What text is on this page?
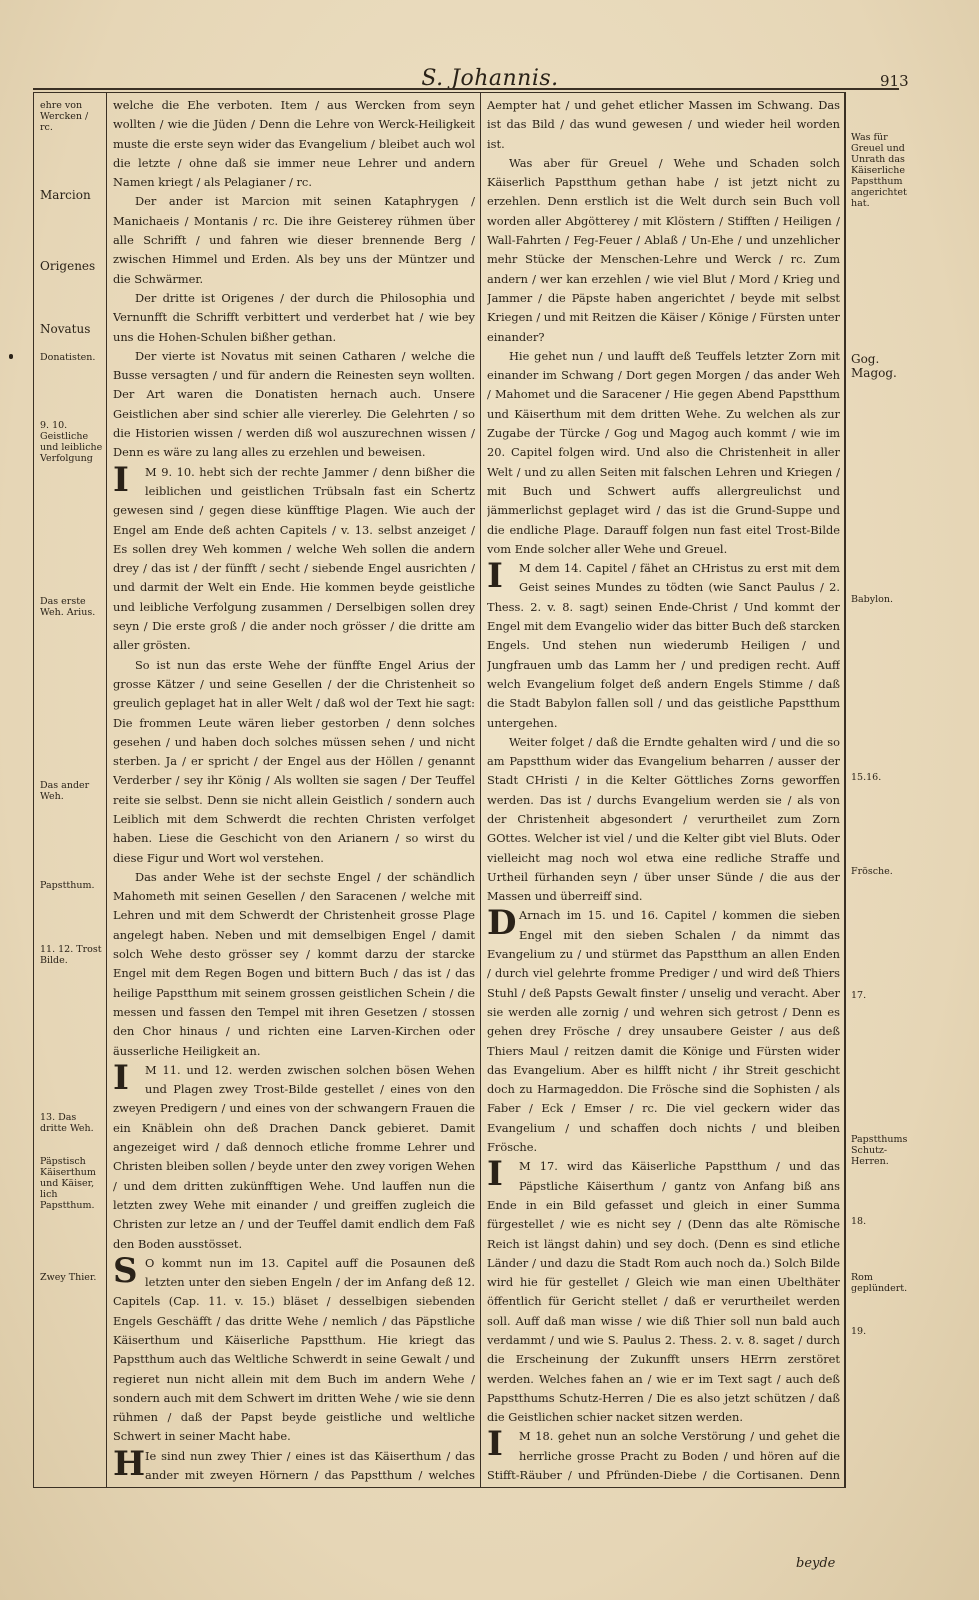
S. Johannis.	913
ehre von Wercken / rc.
Marcion
Origenes
Novatus
Donatisten.
9. 10. Geistliche und leibliche Verfolgung
Das erste Weh. Arius.
Das ander Weh.
Papstthum.
11. 12. Trost Bilde.
13. Das dritte Weh.
Päpstisch Käiserthum und Käiser, lich Papstthum.
Zwey Thier.
Was für Greuel und Unrath das Käiserliche Papstthum angerichtet hat.
Gog. Magog.
Babylon.
15.16.
Frösche.
17.
Papstthums Schutz-Herren.
18.
Rom geplündert.
19.

welche die Ehe verboten. Item / aus Wercken from seyn wollten / wie die Jüden / Denn die Lehre von Werck-Heiligkeit muste die erste seyn wider das Evangelium / bleibet auch wol die letzte / ohne daß sie immer neue Lehrer und andern Namen kriegt / als Pelagianer / rc.

Der ander ist Marcion mit seinen Kataphrygen / Manichaeis / Montanis / rc. Die ihre Geisterey rühmen über alle Schrifft / und fahren wie dieser brennende Berg / zwischen Himmel und Erden. Als bey uns der Müntzer und die Schwärmer.

Der dritte ist Origenes / der durch die Philosophia und Vernunfft die Schrifft verbittert und verderbet hat / wie bey uns die Hohen-Schulen bißher gethan.

Der vierte ist Novatus mit seinen Catharen / welche die Busse versagten / und für andern die Reinesten seyn wollten. Der Art waren die Donatisten hernach auch. Unsere Geistlichen aber sind schier alle viererley. Die Gelehrten / so die Historien wissen / werden diß wol auszurechnen wissen / Denn es wäre zu lang alles zu erzehlen und beweisen.

I	M 9. 10. hebt sich der rechte Jammer / denn bißher die leiblichen und geistlichen Trübsaln fast ein Schertz gewesen sind / gegen diese künfftige Plagen. Wie auch der Engel am Ende deß achten Capitels / v. 13. selbst anzeiget / Es sollen drey Weh kommen / welche Weh sollen die andern drey / das ist / der fünfft / secht / siebende Engel ausrichten / und darmit der Welt ein Ende. Hie kommen beyde geistliche und leibliche Verfolgung zusammen / Derselbigen sollen drey seyn / Die erste groß / die ander noch grösser / die dritte am aller grösten.

So ist nun das erste Wehe der fünffte Engel Arius der grosse Kätzer / und seine Gesellen / der die Christenheit so greulich geplaget hat in aller Welt / daß wol der Text hie sagt: Die frommen Leute wären lieber gestorben / denn solches gesehen / und haben doch solches müssen sehen / und nicht sterben. Ja / er spricht / der Engel aus der Höllen / genannt Verderber / sey ihr König / Als wollten sie sagen / Der Teuffel reite sie selbst. Denn sie nicht allein Geistlich / sondern auch Leiblich mit dem Schwerdt die rechten Christen verfolget haben. Liese die Geschicht von den Arianern / so wirst du diese Figur und Wort wol verstehen.

Das ander Wehe ist der sechste Engel / der schändlich Mahometh mit seinen Gesellen / den Saracenen / welche mit Lehren und mit dem Schwerdt der Christenheit grosse Plage angelegt haben. Neben und mit demselbigen Engel / damit solch Wehe desto grösser sey / kommt darzu der starcke Engel mit dem Regen Bogen und bittern Buch / das ist / das heilige Papstthum mit seinem grossen geistlichen Schein / die messen und fassen den Tempel mit ihren Gesetzen / stossen den Chor hinaus / und richten eine Larven-Kirchen oder äusserliche Heiligkeit an.

I	M 11. und 12. werden zwischen solchen bösen Wehen und Plagen zwey Trost-Bilde gestellet / eines von den zweyen Predigern / und eines von der schwangern Frauen die ein Knäblein ohn deß Drachen Danck gebieret. Damit angezeiget wird / daß dennoch etliche fromme Lehrer und Christen bleiben sollen / beyde unter den zwey vorigen Wehen / und dem dritten zukünfftigen Wehe. Und lauffen nun die letzten zwey Wehe mit einander / und greiffen zugleich die Christen zur letze an / und der Teuffel damit endlich dem Faß den Boden ausstösset.

S O kommt nun im 13. Capitel auff die Posaunen deß letzten unter den sieben Engeln / der im Anfang deß 12. Capitels (Cap. 11. v. 15.) bläset / desselbigen siebenden Engels Geschäfft / das dritte Wehe / nemlich / das Päpstliche Käiserthum und Käiserliche Papstthum. Hie kriegt das Papstthum auch das Weltliche Schwerdt in seine Gewalt / und regieret nun nicht allein mit dem Buch im andern Wehe / sondern auch mit dem Schwert im dritten Wehe / wie sie denn rühmen / daß der Papst beyde geistliche und weltliche Schwert in seiner Macht habe.

H Ie sind nun zwey Thier / eines ist das Käiserthum / das ander mit zweyen Hörnern / das Papstthum / welches

Aempter hat / und gehet etlicher Massen im Schwang. Das ist das Bild / das wund gewesen / und wieder heil worden ist.

Was aber für Greuel / Wehe und Schaden solch Käiserlich Papstthum gethan habe / ist jetzt nicht zu erzehlen. Denn erstlich ist die Welt durch sein Buch voll worden aller Abgötterey / mit Klöstern / Stifften / Heiligen / Wall-Fahrten / Feg-Feuer / Ablaß / Un-Ehe / und unzehlicher mehr Stücke der Menschen-Lehre und Werck / rc. Zum andern / wer kan erzehlen / wie viel Blut / Mord / Krieg und Jammer / die Päpste haben angerichtet / beyde mit selbst Kriegen / und mit Reitzen die Käiser / Könige / Fürsten unter einander?

Hie gehet nun / und laufft deß Teuffels letzter Zorn mit einander im Schwang / Dort gegen Morgen / das ander Weh / Mahomet und die Saracener / Hie gegen Abend Papstthum und Käiserthum mit dem dritten Wehe. Zu welchen als zur Zugabe der Türcke / Gog und Magog auch kommt / wie im 20. Capitel folgen wird. Und also die Christenheit in aller Welt / und zu allen Seiten mit falschen Lehren und Kriegen / mit Buch und Schwert auffs allergreulichst und jämmerlichst geplaget wird / das ist die Grund-Suppe und die endliche Plage. Darauff folgen nun fast eitel Trost-Bilde vom Ende solcher aller Wehe und Greuel.

I	M dem 14. Capitel / fähet an CHristus zu erst mit dem Geist seines Mundes zu tödten (wie Sanct Paulus / 2. Thess. 2. v. 8. sagt) seinen Ende-Christ / Und kommt der Engel mit dem Evangelio wider das bitter Buch deß starcken Engels. Und stehen nun wiederumb Heiligen / und Jungfrauen umb das Lamm her / und predigen recht. Auff welch Evangelium folget deß andern Engels Stimme / daß die Stadt Babylon fallen soll / und das geistliche Papstthum untergehen.

Weiter folget / daß die Erndte gehalten wird / und die so am Papstthum wider das Evangelium beharren / ausser der Stadt CHristi / in die Kelter Göttliches Zorns geworffen werden. Das ist / durchs Evangelium werden sie / als von der Christenheit abgesondert / verurtheilet zum Zorn GOttes. Welcher ist viel / und die Kelter gibt viel Bluts. Oder vielleicht mag noch wol etwa eine redliche Straffe und Urtheil fürhanden seyn / über unser Sünde / die aus der Massen und überreiff sind.

D Arnach im 15. und 16. Capitel / kommen die sieben Engel mit den sieben Schalen / da nimmt das Evangelium zu / und stürmet das Papstthum an allen Enden / durch viel gelehrte fromme Prediger / und wird deß Thiers Stuhl / deß Papsts Gewalt finster / unselig und veracht. Aber sie werden alle zornig / und wehren sich getrost / Denn es gehen drey Frösche / drey unsaubere Geister / aus deß Thiers Maul / reitzen damit die Könige und Fürsten wider das Evangelium. Aber es hilfft nicht / ihr Streit geschicht doch zu Harmageddon. Die Frösche sind die Sophisten / als Faber / Eck / Emser / rc. Die viel geckern wider das Evangelium / und schaffen doch nichts / und bleiben Frösche.

I	M 17. wird das Käiserliche Papstthum / und das Päpstliche Käiserthum / gantz von Anfang biß ans Ende in ein Bild gefasset und gleich in einer Summa fürgestellet / wie es nicht sey / (Denn das alte Römische Reich ist längst dahin) und sey doch. (Denn es sind etliche Länder / und dazu die Stadt Rom auch noch da.) Solch Bilde wird hie für gestellet / Gleich wie man einen Ubelthäter öffentlich für Gericht stellet / daß er verurtheilet werden soll. Auff daß man wisse / wie diß Thier soll nun bald auch verdammt / und wie S. Paulus 2. Thess. 2. v. 8. saget / durch die Erscheinung der Zukunfft unsers HErrn zerstöret werden. Welches fahen an / wie er im Text sagt / auch deß Papstthums Schutz-Herren / Die es also jetzt schützen / daß die Geistlichen schier nacket sitzen werden.

I	M 18. gehet nun an solche Verstörung / und gehet die herrliche grosse Pracht zu Boden / und hören auf die Stifft-Räuber / und Pfründen-Diebe / die Cortisanen. Denn

beyde
